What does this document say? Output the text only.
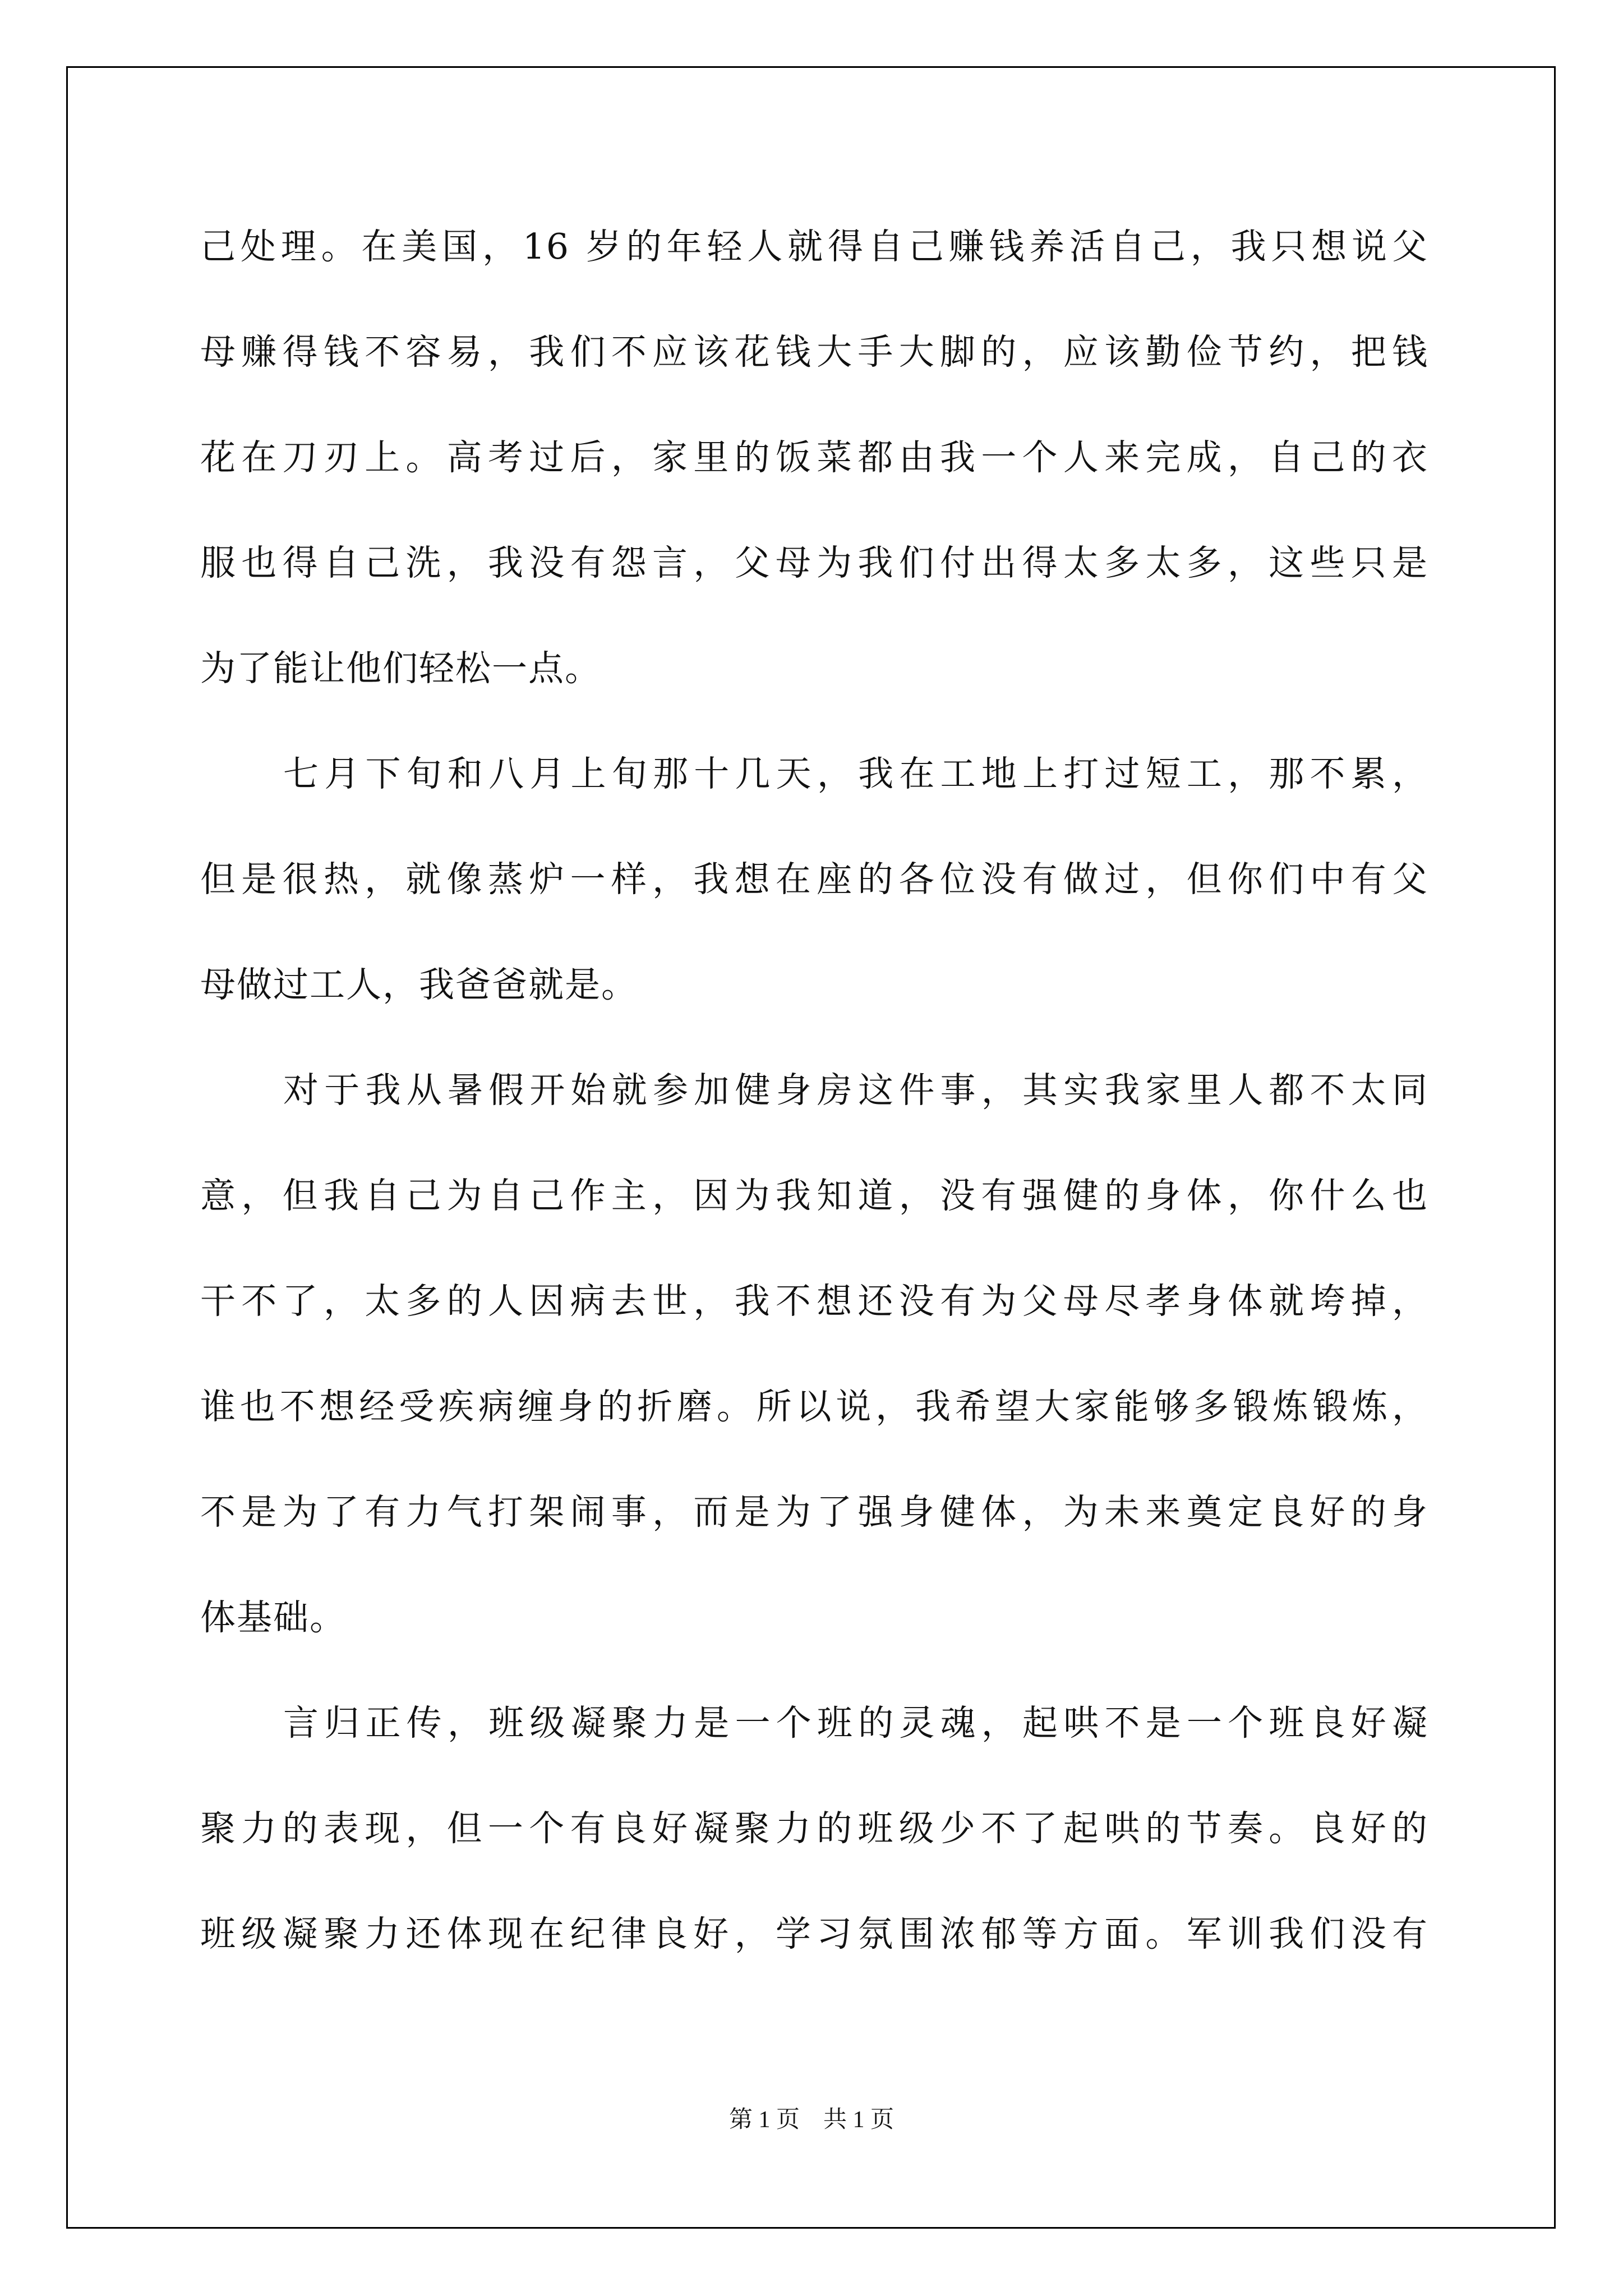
己处理。在美国，16 岁的年轻人就得自己赚钱养活自己，我只想说父
母赚得钱不容易，我们不应该花钱大手大脚的，应该勤俭节约，把钱
花在刀刃上。高考过后，家里的饭菜都由我一个人来完成，自己的衣
服也得自己洗，我没有怨言，父母为我们付出得太多太多，这些只是
为了能让他们轻松一点。
七月下旬和八月上旬那十几天，我在工地上打过短工，那不累，
但是很热，就像蒸炉一样，我想在座的各位没有做过，但你们中有父
母做过工人，我爸爸就是。
对于我从暑假开始就参加健身房这件事，其实我家里人都不太同
意，但我自己为自己作主，因为我知道，没有强健的身体，你什么也
干不了，太多的人因病去世，我不想还没有为父母尽孝身体就垮掉，
谁也不想经受疾病缠身的折磨。所以说，我希望大家能够多锻炼锻炼，
不是为了有力气打架闹事，而是为了强身健体，为未来奠定良好的身
体基础。
言归正传，班级凝聚力是一个班的灵魂，起哄不是一个班良好凝
聚力的表现，但一个有良好凝聚力的班级少不了起哄的节奏。良好的
班级凝聚力还体现在纪律良好，学习氛围浓郁等方面。军训我们没有
第 1 页　共 1 页
